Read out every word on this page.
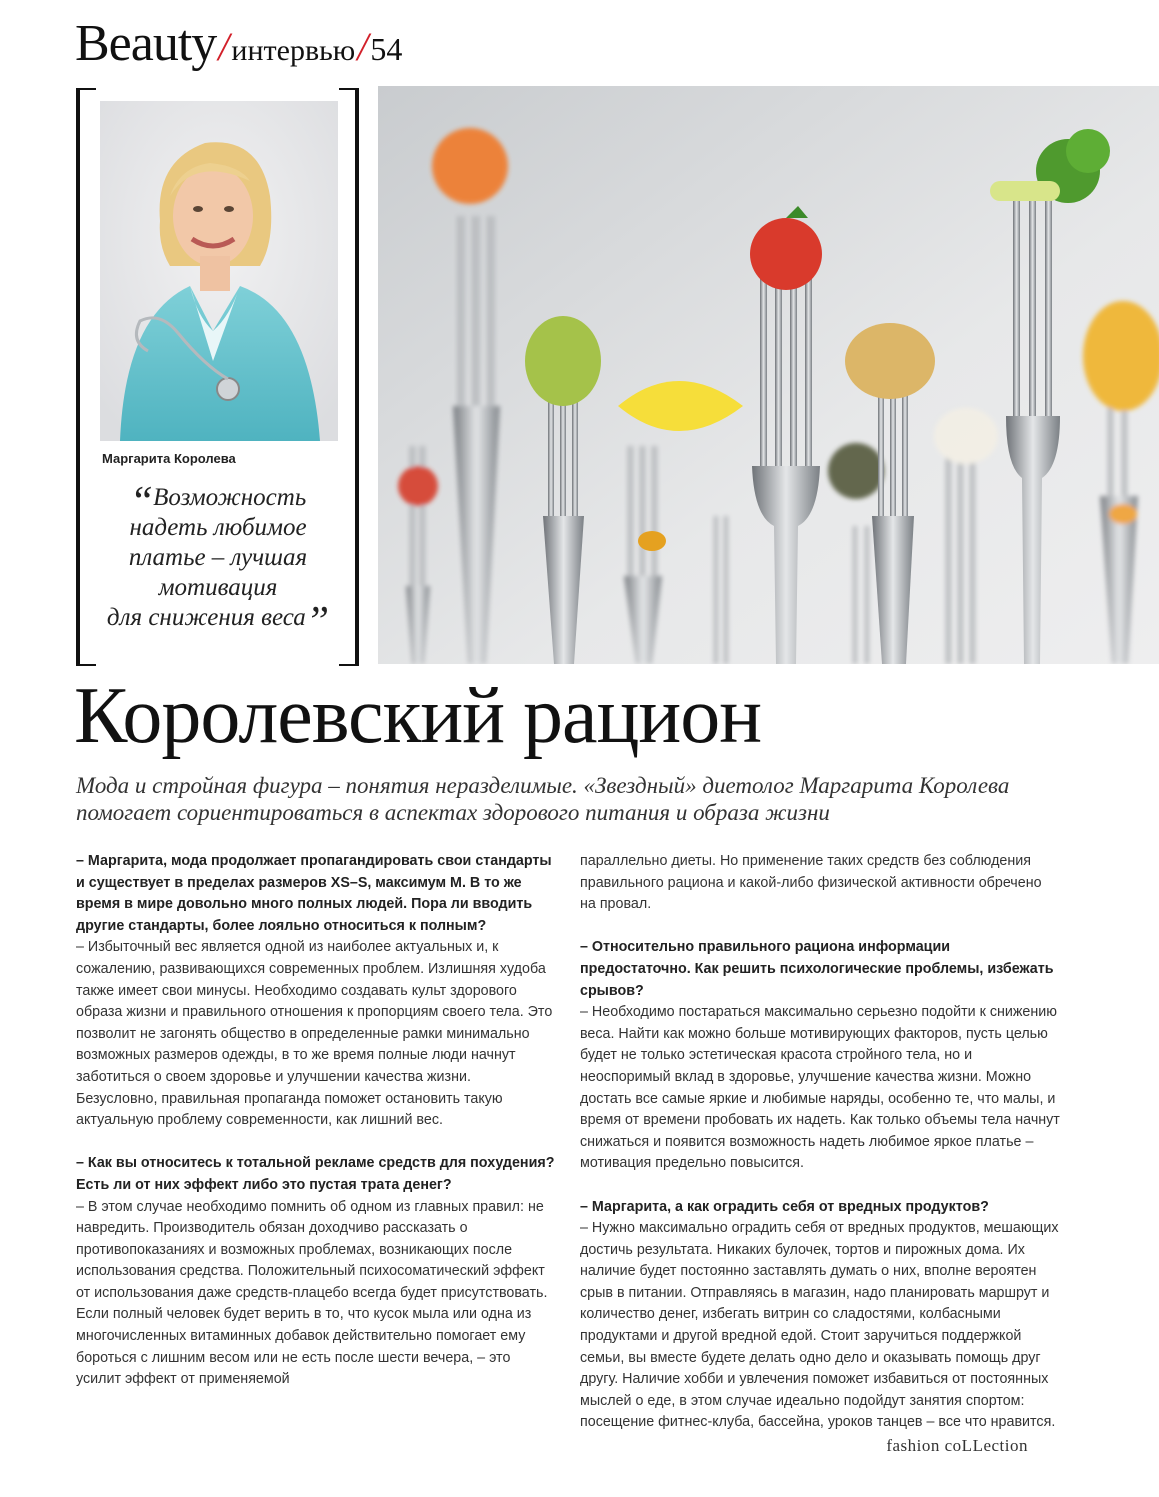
Beauty / интервью / 54
Маргарита Королева
“Возможность
надеть любимое
платье – лучшая
мотивация
для снижения веса”
Королевский рацион

Мода и стройная фигура – понятия неразделимые. «Звездный» диетолог Маргарита Королева помогает сориентироваться в аспектах здорового питания и образа жизни

– Маргарита, мода продолжает пропагандировать свои стандарты и существует в пределах размеров XS–S, максимум M. В то же время в мире довольно много полных людей. Пора ли вводить другие стандарты, более лояльно относиться к полным?
– Избыточный вес является одной из наиболее актуальных и, к сожалению, развивающихся современных проблем. Излишняя худоба также имеет свои минусы. Необходимо создавать культ здорового образа жизни и правильного отношения к пропорциям своего тела. Это позволит не загонять общество в определенные рамки минимально возможных размеров одежды, в то же время полные люди начнут заботиться о своем здоровье и улучшении качества жизни. Безусловно, правильная пропаганда поможет остановить такую актуальную проблему современности, как лишний вес.

– Как вы относитесь к тотальной рекламе средств для похудения? Есть ли от них эффект либо это пустая трата денег?
– В этом случае необходимо помнить об одном из главных правил: не навредить. Производитель обязан доходчиво рассказать о противопоказаниях и возможных проблемах, возникающих после использования средства. Положительный психосоматический эффект от использования даже средств-плацебо всегда будет присутствовать. Если полный человек будет верить в то, что кусок мыла или одна из многочисленных витаминных добавок действительно помогает ему бороться с лишним весом или не есть после шести вечера, – это усилит эффект от применяемой

параллельно диеты. Но применение таких средств без соблюдения правильного рациона и какой-либо физической активности обречено на провал.

– Относительно правильного рациона информации предостаточно. Как решить психологические проблемы, избежать срывов?
– Необходимо постараться максимально серьезно подойти к снижению веса. Найти как можно больше мотивирующих факторов, пусть целью будет не только эстетическая красота стройного тела, но и неоспоримый вклад в здоровье, улучшение качества жизни. Можно достать все самые яркие и любимые наряды, особенно те, что малы, и время от времени пробовать их надеть. Как только объемы тела начнут снижаться и появится возможность надеть любимое яркое платье – мотивация предельно повысится.

– Маргарита, а как оградить себя от вредных продуктов?
– Нужно максимально оградить себя от вредных продуктов, мешающих достичь результата. Никаких булочек, тортов и пирожных дома. Их наличие будет постоянно заставлять думать о них, вполне вероятен срыв в питании. Отправляясь в магазин, надо планировать маршрут и количество денег, избегать витрин со сладостями, колбасными продуктами и другой вредной едой. Стоит заручиться поддержкой семьи, вы вместе будете делать одно дело и оказывать помощь друг другу. Наличие хобби и увлечения поможет избавиться от постоянных мыслей о еде, в этом случае идеально подойдут занятия спортом: посещение фитнес-клуба, бассейна, уроков танцев – все что нравится.

fashion coLLection
